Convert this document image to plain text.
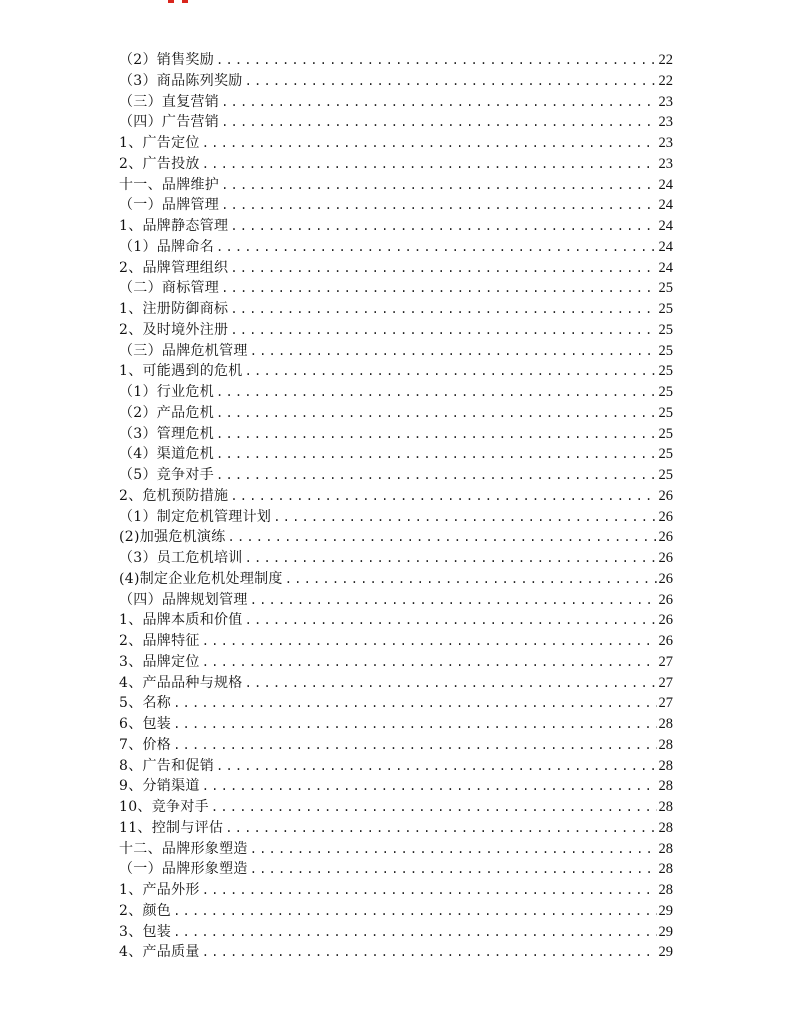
（2）销售奖励 .....	22
（3）商品陈列奖励 .....	22
（三）直复营销 .....	23
（四）广告营销 .....	23
1、广告定位 .....	23
2、广告投放 .....	23
十一、品牌维护 .....	24
（一）品牌管理 .....	24
1、品牌静态管理 .....	24
（1）品牌命名 .....	24
2、品牌管理组织 .....	24
（二）商标管理 .....	25
1、注册防御商标 .....	25
2、及时境外注册 .....	25
（三）品牌危机管理 .....	25
1、可能遇到的危机 .....	25
（1）行业危机 .....	25
（2）产品危机 .....	25
（3）管理危机 .....	25
（4）渠道危机 .....	25
（5）竞争对手 .....	25
2、危机预防措施 .....	26
（1）制定危机管理计划 .....	26
(2)加强危机演练 .....	26
（3）员工危机培训 .....	26
(4)制定企业危机处理制度 .....	26
（四）品牌规划管理 .....	26
1、品牌本质和价值 .....	26
2、品牌特征 .....	26
3、品牌定位 .....	27
4、产品品种与规格 .....	27
5、名称 .....	27
6、包装 .....	28
7、价格 .....	28
8、广告和促销 .....	28
9、分销渠道 .....	28
10、竞争对手 .....	28
11、控制与评估 .....	28
十二、品牌形象塑造 .....	28
（一）品牌形象塑造 .....	28
1、产品外形 .....	28
2、颜色 .....	29
3、包装 .....	29
4、产品质量 .....	29
